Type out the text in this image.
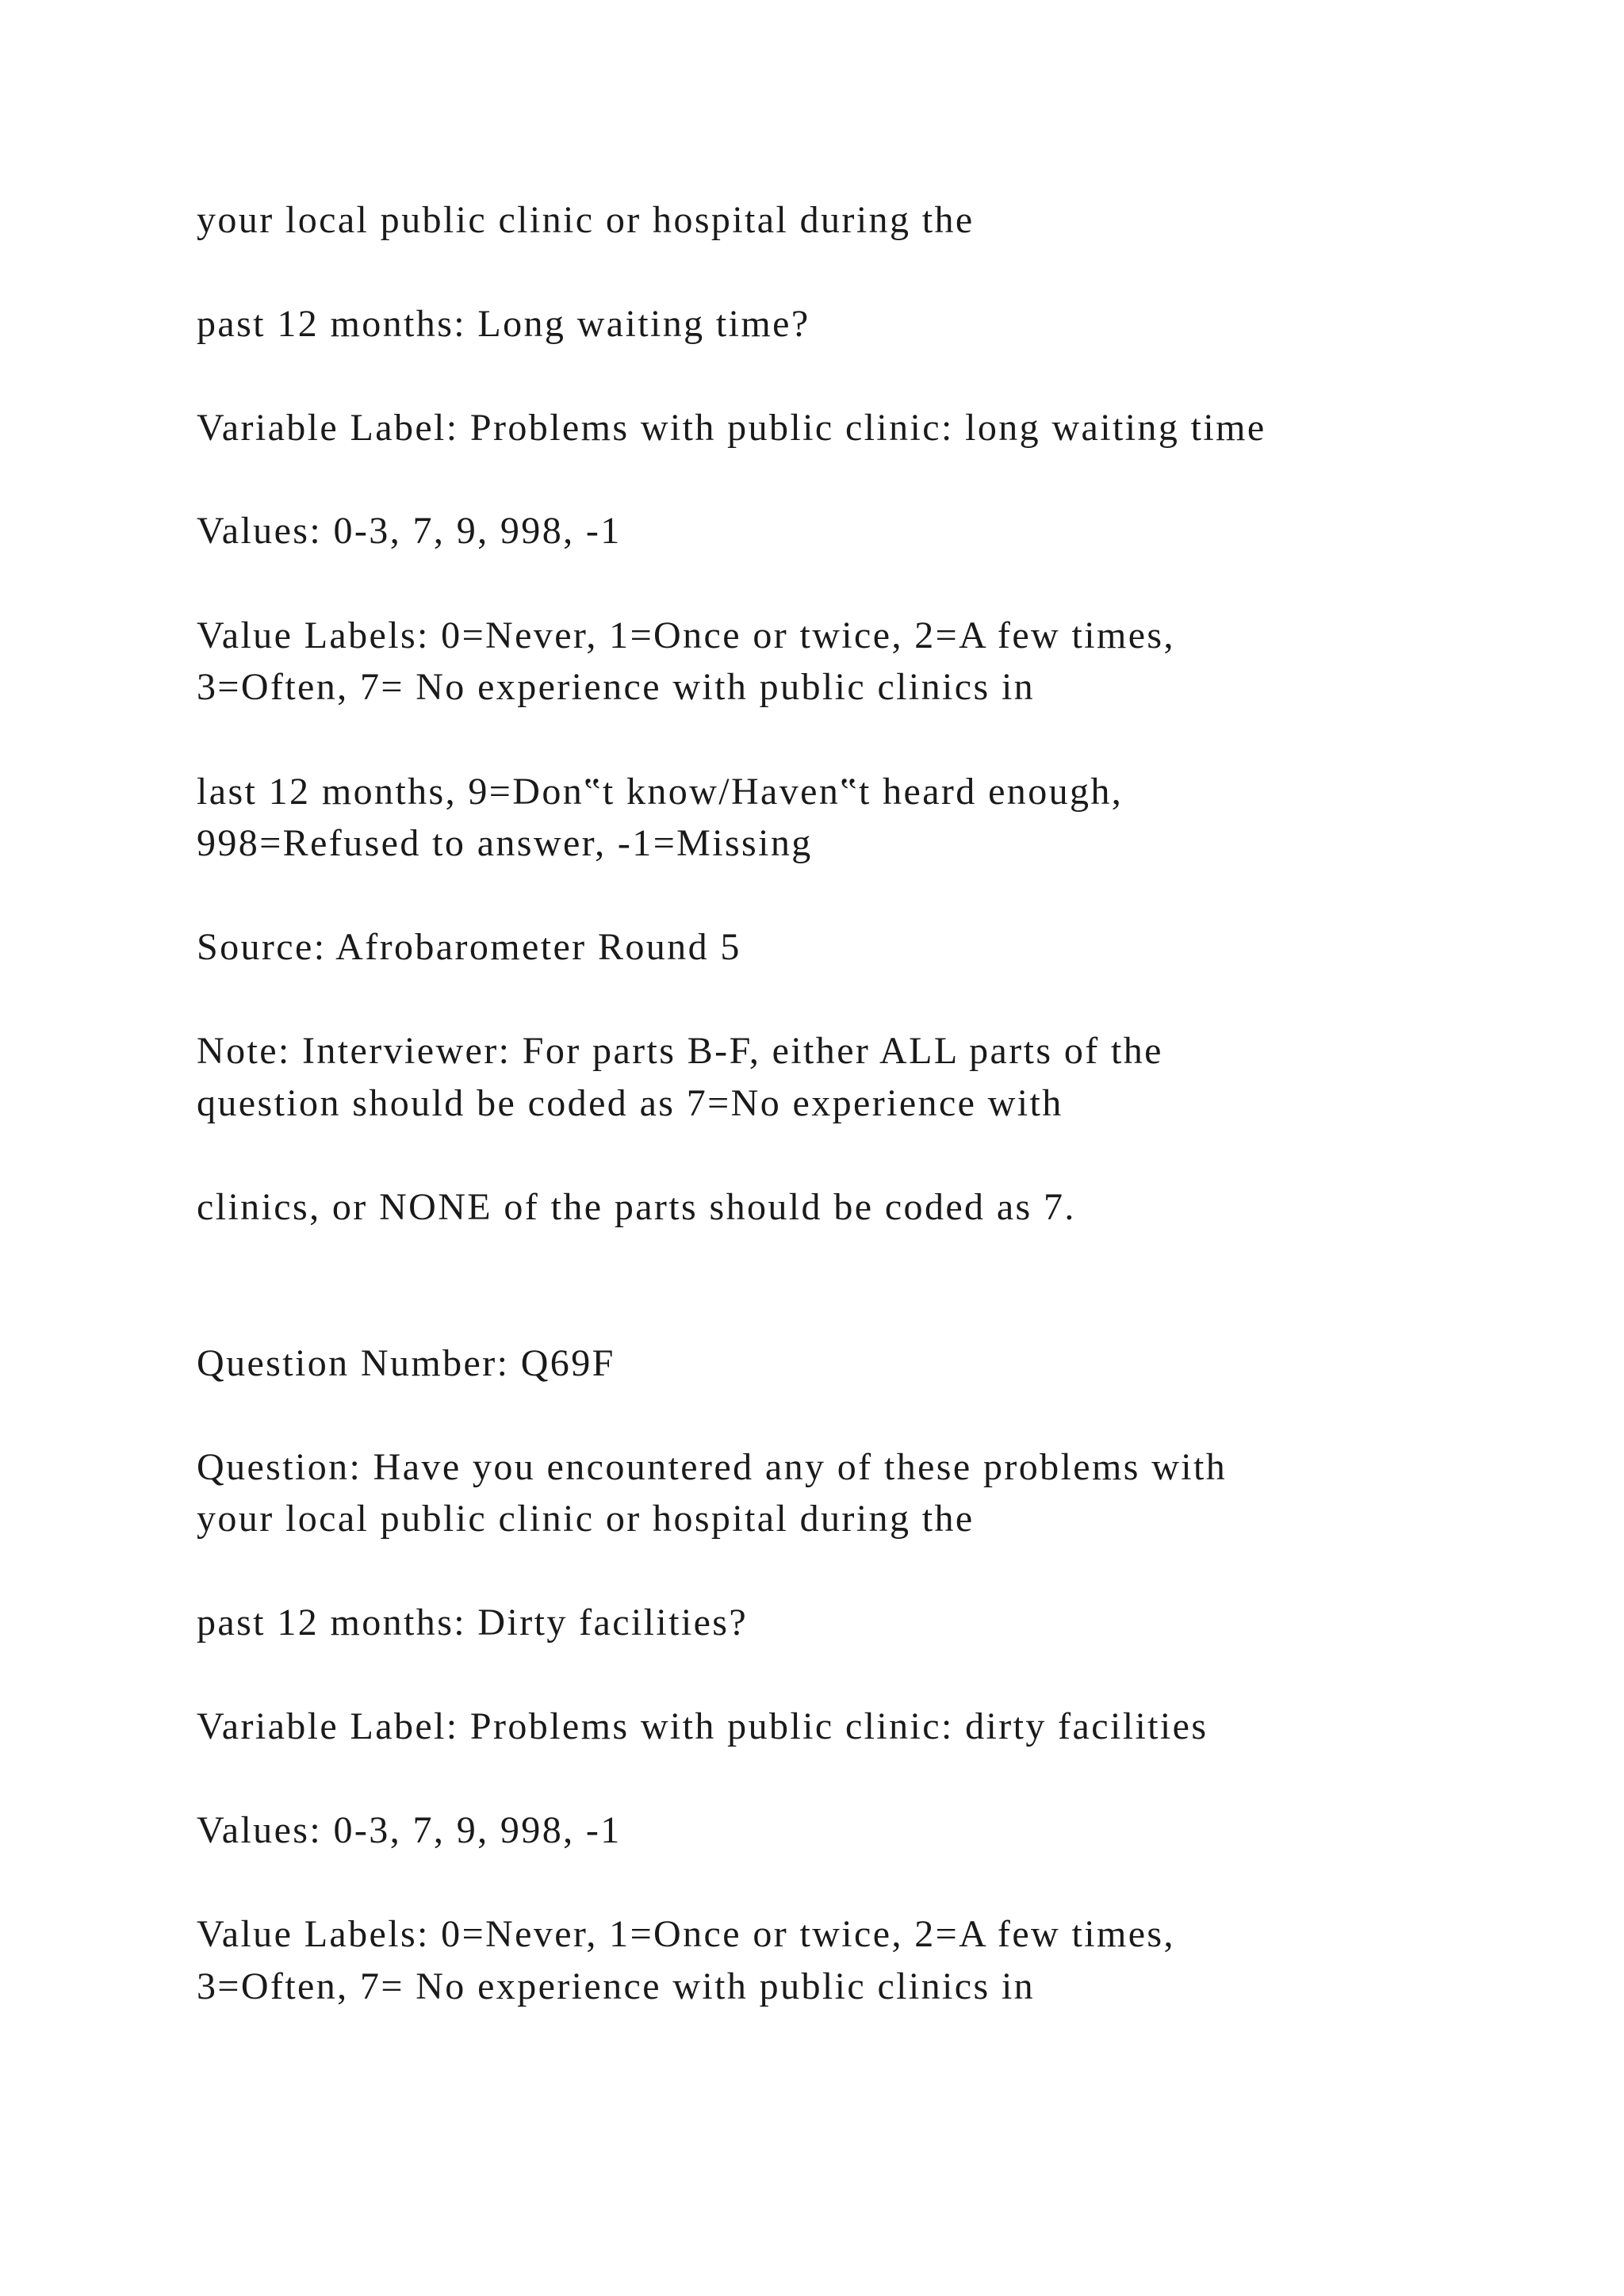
your local public clinic or hospital during the
past 12 months: Long waiting time?
Variable Label: Problems with public clinic: long waiting time
Values: 0-3, 7, 9, 998, -1
Value Labels: 0=Never, 1=Once or twice, 2=A few times,
3=Often, 7= No experience with public clinics in
last 12 months, 9=Don‟t know/Haven‟t heard enough,
998=Refused to answer, -1=Missing
Source: Afrobarometer Round 5
Note: Interviewer: For parts B-F, either ALL parts of the
question should be coded as 7=No experience with
clinics, or NONE of the parts should be coded as 7.
Question Number: Q69F
Question: Have you encountered any of these problems with
your local public clinic or hospital during the
past 12 months: Dirty facilities?
Variable Label: Problems with public clinic: dirty facilities
Values: 0-3, 7, 9, 998, -1
Value Labels: 0=Never, 1=Once or twice, 2=A few times,
3=Often, 7= No experience with public clinics in
